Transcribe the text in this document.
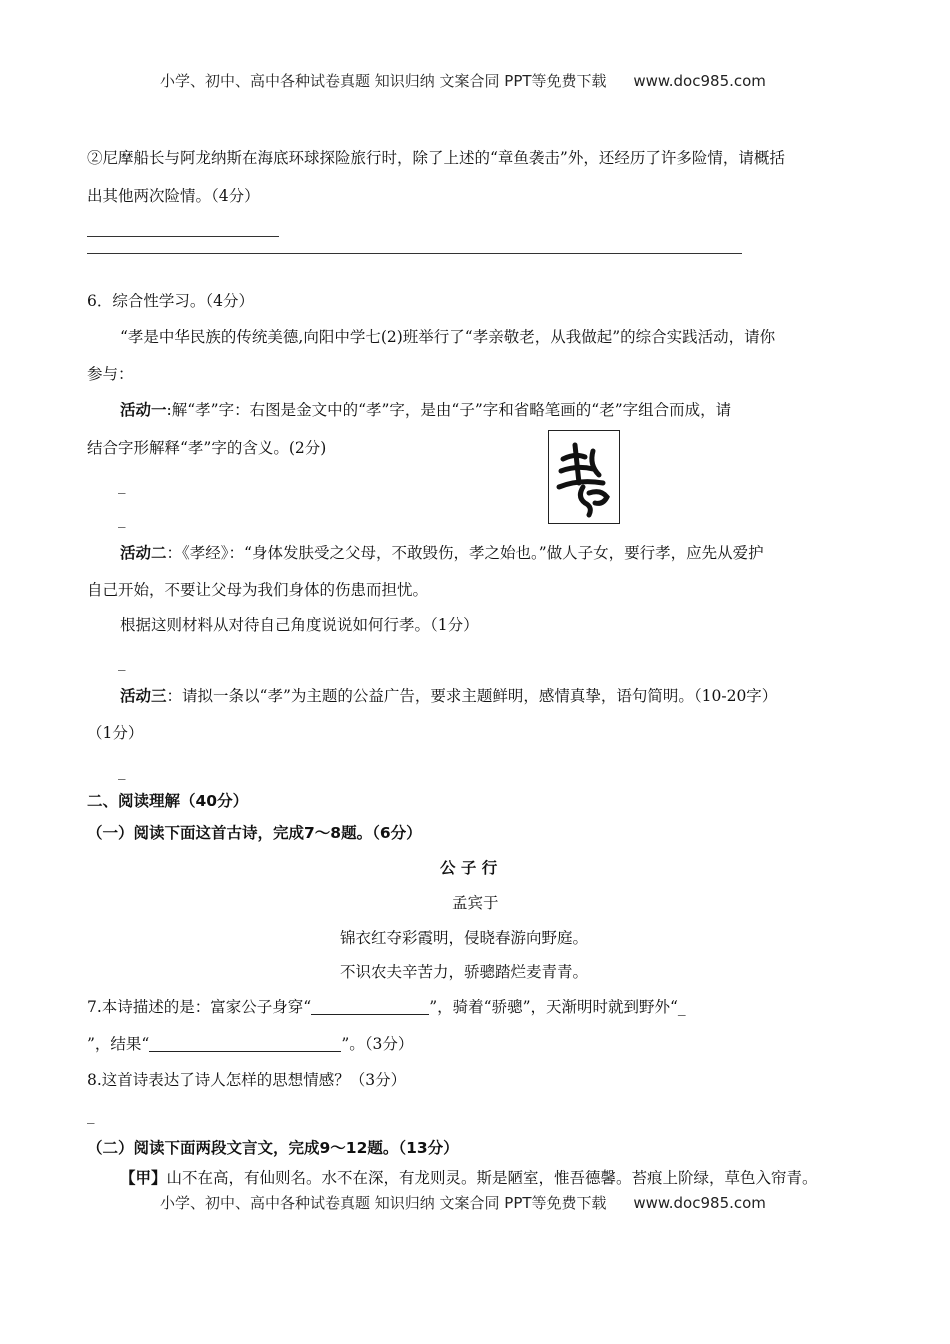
小学、初中、高中各种试卷真题 知识归纳 文案合同 PPT等免费下载 www.doc985.com
②尼摩船长与阿龙纳斯在海底环球探险旅行时，除了上述的“章鱼袭击”外，还经历了许多险情，请概括
出其他两次险情。（4分）
6．综合性学习。（4分）
“孝是中华民族的传统美德,向阳中学七(2)班举行了“孝亲敬老，从我做起”的综合实践活动，请你
参与：
活动一:解“孝”字：右图是金文中的“孝”字，是由“子”字和省略笔画的“老”字组合而成，请
结合字形解释“孝”字的含义。(2分)
_
_
活动二：《孝经》：“身体发肤受之父母，不敢毁伤，孝之始也。”做人子女，要行孝，应先从爱护
自己开始，不要让父母为我们身体的伤患而担忧。
根据这则材料从对待自己角度说说如何行孝。（1分）
_
活动三：请拟一条以“孝”为主题的公益广告，要求主题鲜明，感情真挚，语句简明。（10-20字）
（1分）
_
二、阅读理解（40分）
（一）阅读下面这首古诗，完成7～8题。（6分）
公 子 行
孟宾于
锦衣红夺彩霞明，侵晓春游向野庭。
不识农夫辛苦力，骄骢踏烂麦青青。
7.本诗描述的是：富家公子身穿“	”，骑着“骄骢”，天渐明时就到野外“_
”，结果“	”。（3分）
8.这首诗表达了诗人怎样的思想情感？（3分）
_
（二）阅读下面两段文言文，完成9～12题。（13分）
【甲】山不在高，有仙则名。水不在深，有龙则灵。斯是陋室，惟吾德馨。苔痕上阶绿，草色入帘青。
小学、初中、高中各种试卷真题 知识归纳 文案合同 PPT等免费下载 www.doc985.com
